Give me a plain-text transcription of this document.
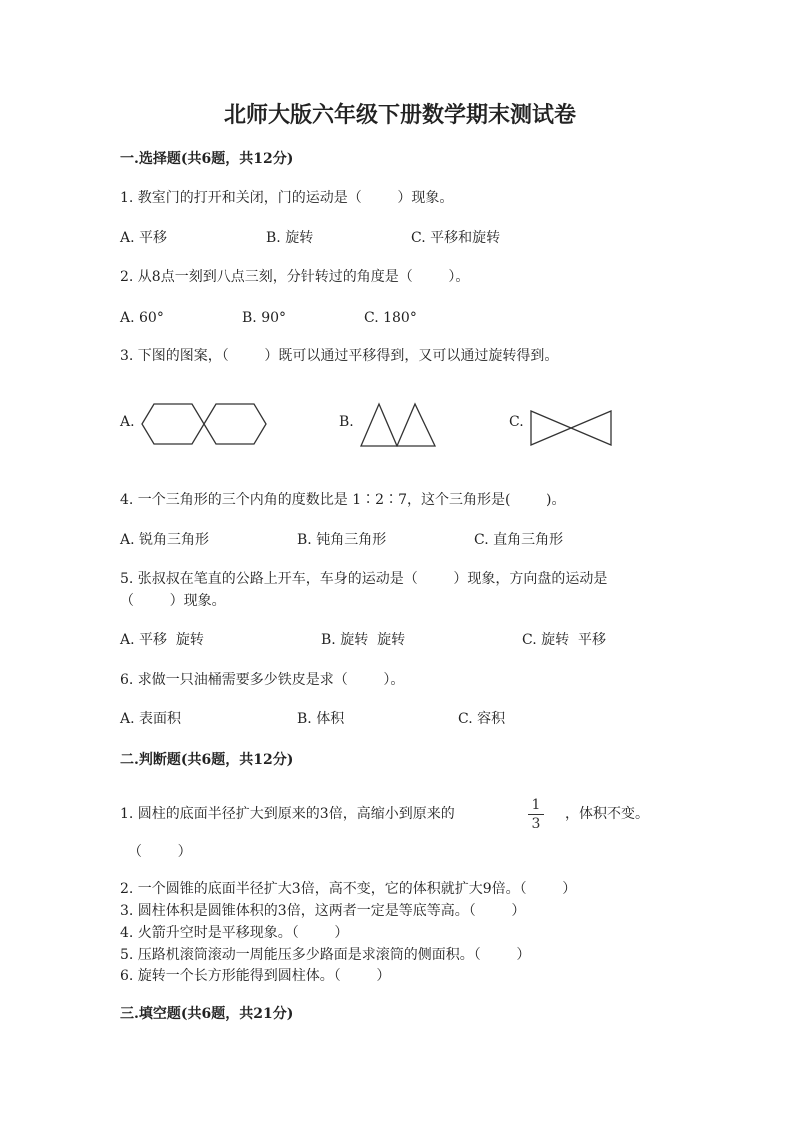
北师大版六年级下册数学期末测试卷
一.选择题(共6题，共12分)
1. 教室门的打开和关闭，门的运动是（        ）现象。
A. 平移	B. 旋转	C. 平移和旋转
2. 从8点一刻到八点三刻，分针转过的角度是（        ）。
A. 60°	B. 90°	C. 180°
3. 下图的图案，（        ）既可以通过平移得到，又可以通过旋转得到。
A.	B.	C.
4. 一个三角形的三个内角的度数比是 1∶2∶7，这个三角形是(        )。
A. 锐角三角形	B. 钝角三角形	C. 直角三角形
5. 张叔叔在笔直的公路上开车，车身的运动是（        ）现象，方向盘的运动是
（        ）现象。
A. 平移  旋转	B. 旋转  旋转	C. 旋转  平移
6. 求做一只油桶需要多少铁皮是求（        ）。
A. 表面积	B. 体积	C. 容积
二.判断题(共6题，共12分)
1. 圆柱的底面半径扩大到原来的3倍，高缩小到原来的
1
3
，体积不变。
（        ）
2. 一个圆锥的底面半径扩大3倍，高不变，它的体积就扩大9倍。（        ）
3. 圆柱体积是圆锥体积的3倍，这两者一定是等底等高。（        ）
4. 火箭升空时是平移现象。（        ）
5. 压路机滚筒滚动一周能压多少路面是求滚筒的侧面积。（        ）
6. 旋转一个长方形能得到圆柱体。（        ）
三.填空题(共6题，共21分)
